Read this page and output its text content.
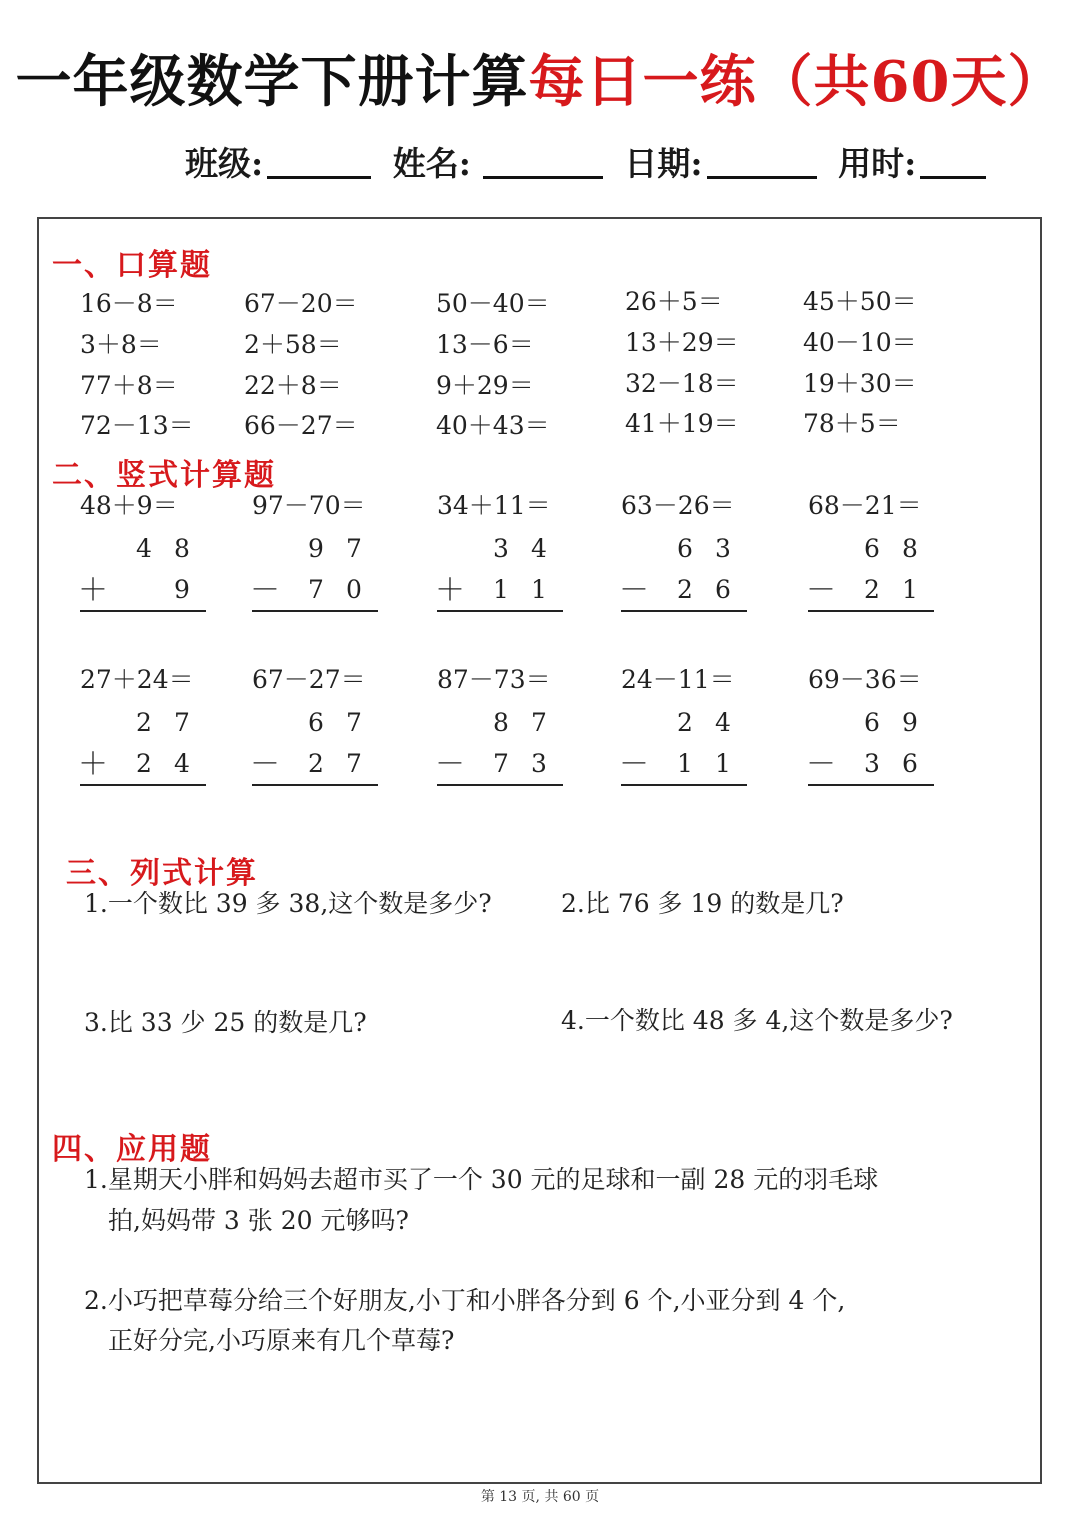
一年级数学下册计算每日一练（共60天）
班级:	姓名:	日期:	用时:
一、口算题
16－8＝	67－20＝	50－40＝	26＋5＝	45＋50＝
3＋8＝	2＋58＝	13－6＝	13＋29＝	40－10＝
77＋8＝	22＋8＝	9＋29＝	32－18＝	19＋30＝
72－13＝ 66－27＝	40＋43＝	41＋19＝	78＋5＝
二、竖式计算题
48＋9＝
4 8
＋	9
97－70＝
9 7
－ 7 0
34＋11＝
3 4
＋ 1 1
63－26＝
6 3
－ 2 6
68－21＝
6 8
－ 2 1
27＋24＝
2 7
＋ 2 4
67－27＝
6 7
－ 2 7
87－73＝
8 7
－ 7 3
24－11＝
2 4
－ 1 1
69－36＝
6 9
－ 3 6
三、列式计算
1.一个数比 39 多 38,这个数是多少?	2.比 76 多 19 的数是几?
3.比 33 少 25 的数是几?	4.一个数比 48 多 4,这个数是多少?
四、应用题
1.星期天小胖和妈妈去超市买了一个 30 元的足球和一副 28 元的羽毛球
拍,妈妈带 3 张 20 元够吗?
2.小巧把草莓分给三个好朋友,小丁和小胖各分到 6 个,小亚分到 4 个,
正好分完,小巧原来有几个草莓?
第 13 页, 共 60 页
